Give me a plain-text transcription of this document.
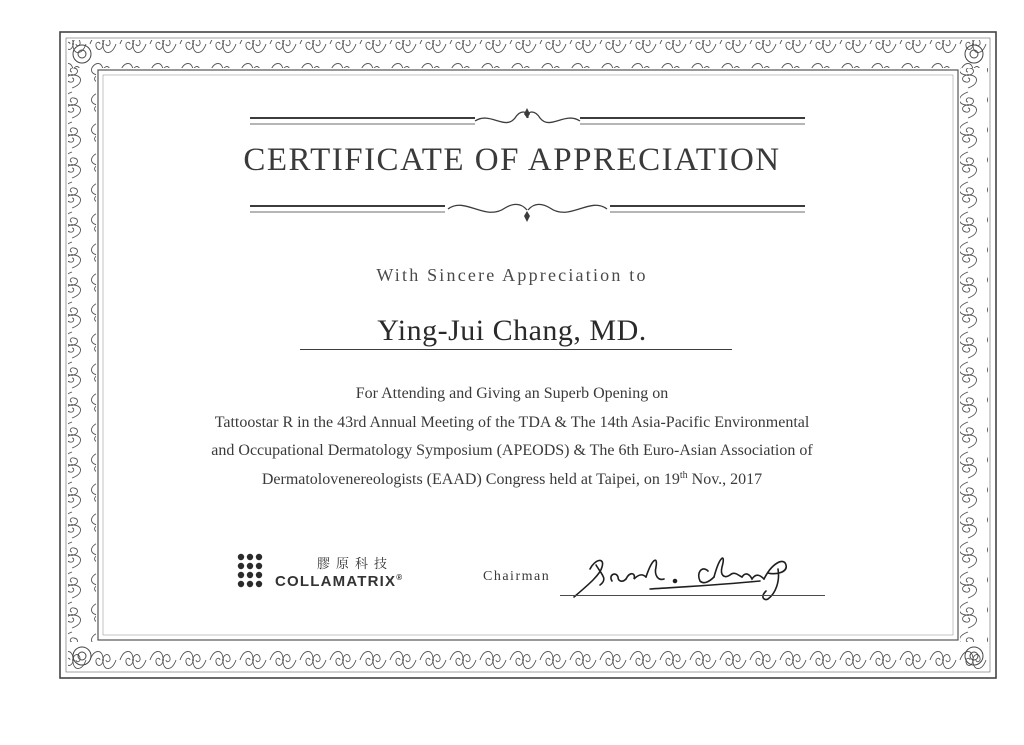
CERTIFICATE OF APPRECIATION
With Sincere Appreciation to
Ying-Jui Chang, MD.
For Attending and Giving an Superb Opening on
Tattoostar R in the 43rd Annual Meeting of the TDA & The 14th Asia-Pacific Environmental
and Occupational Dermatology Symposium (APEODS) & The 6th Euro-Asian Association of
Dermatolovenereologists (EAAD) Congress held at Taipei, on 19th Nov., 2017
膠原科技
COLLAMATRIX®	Chairman
